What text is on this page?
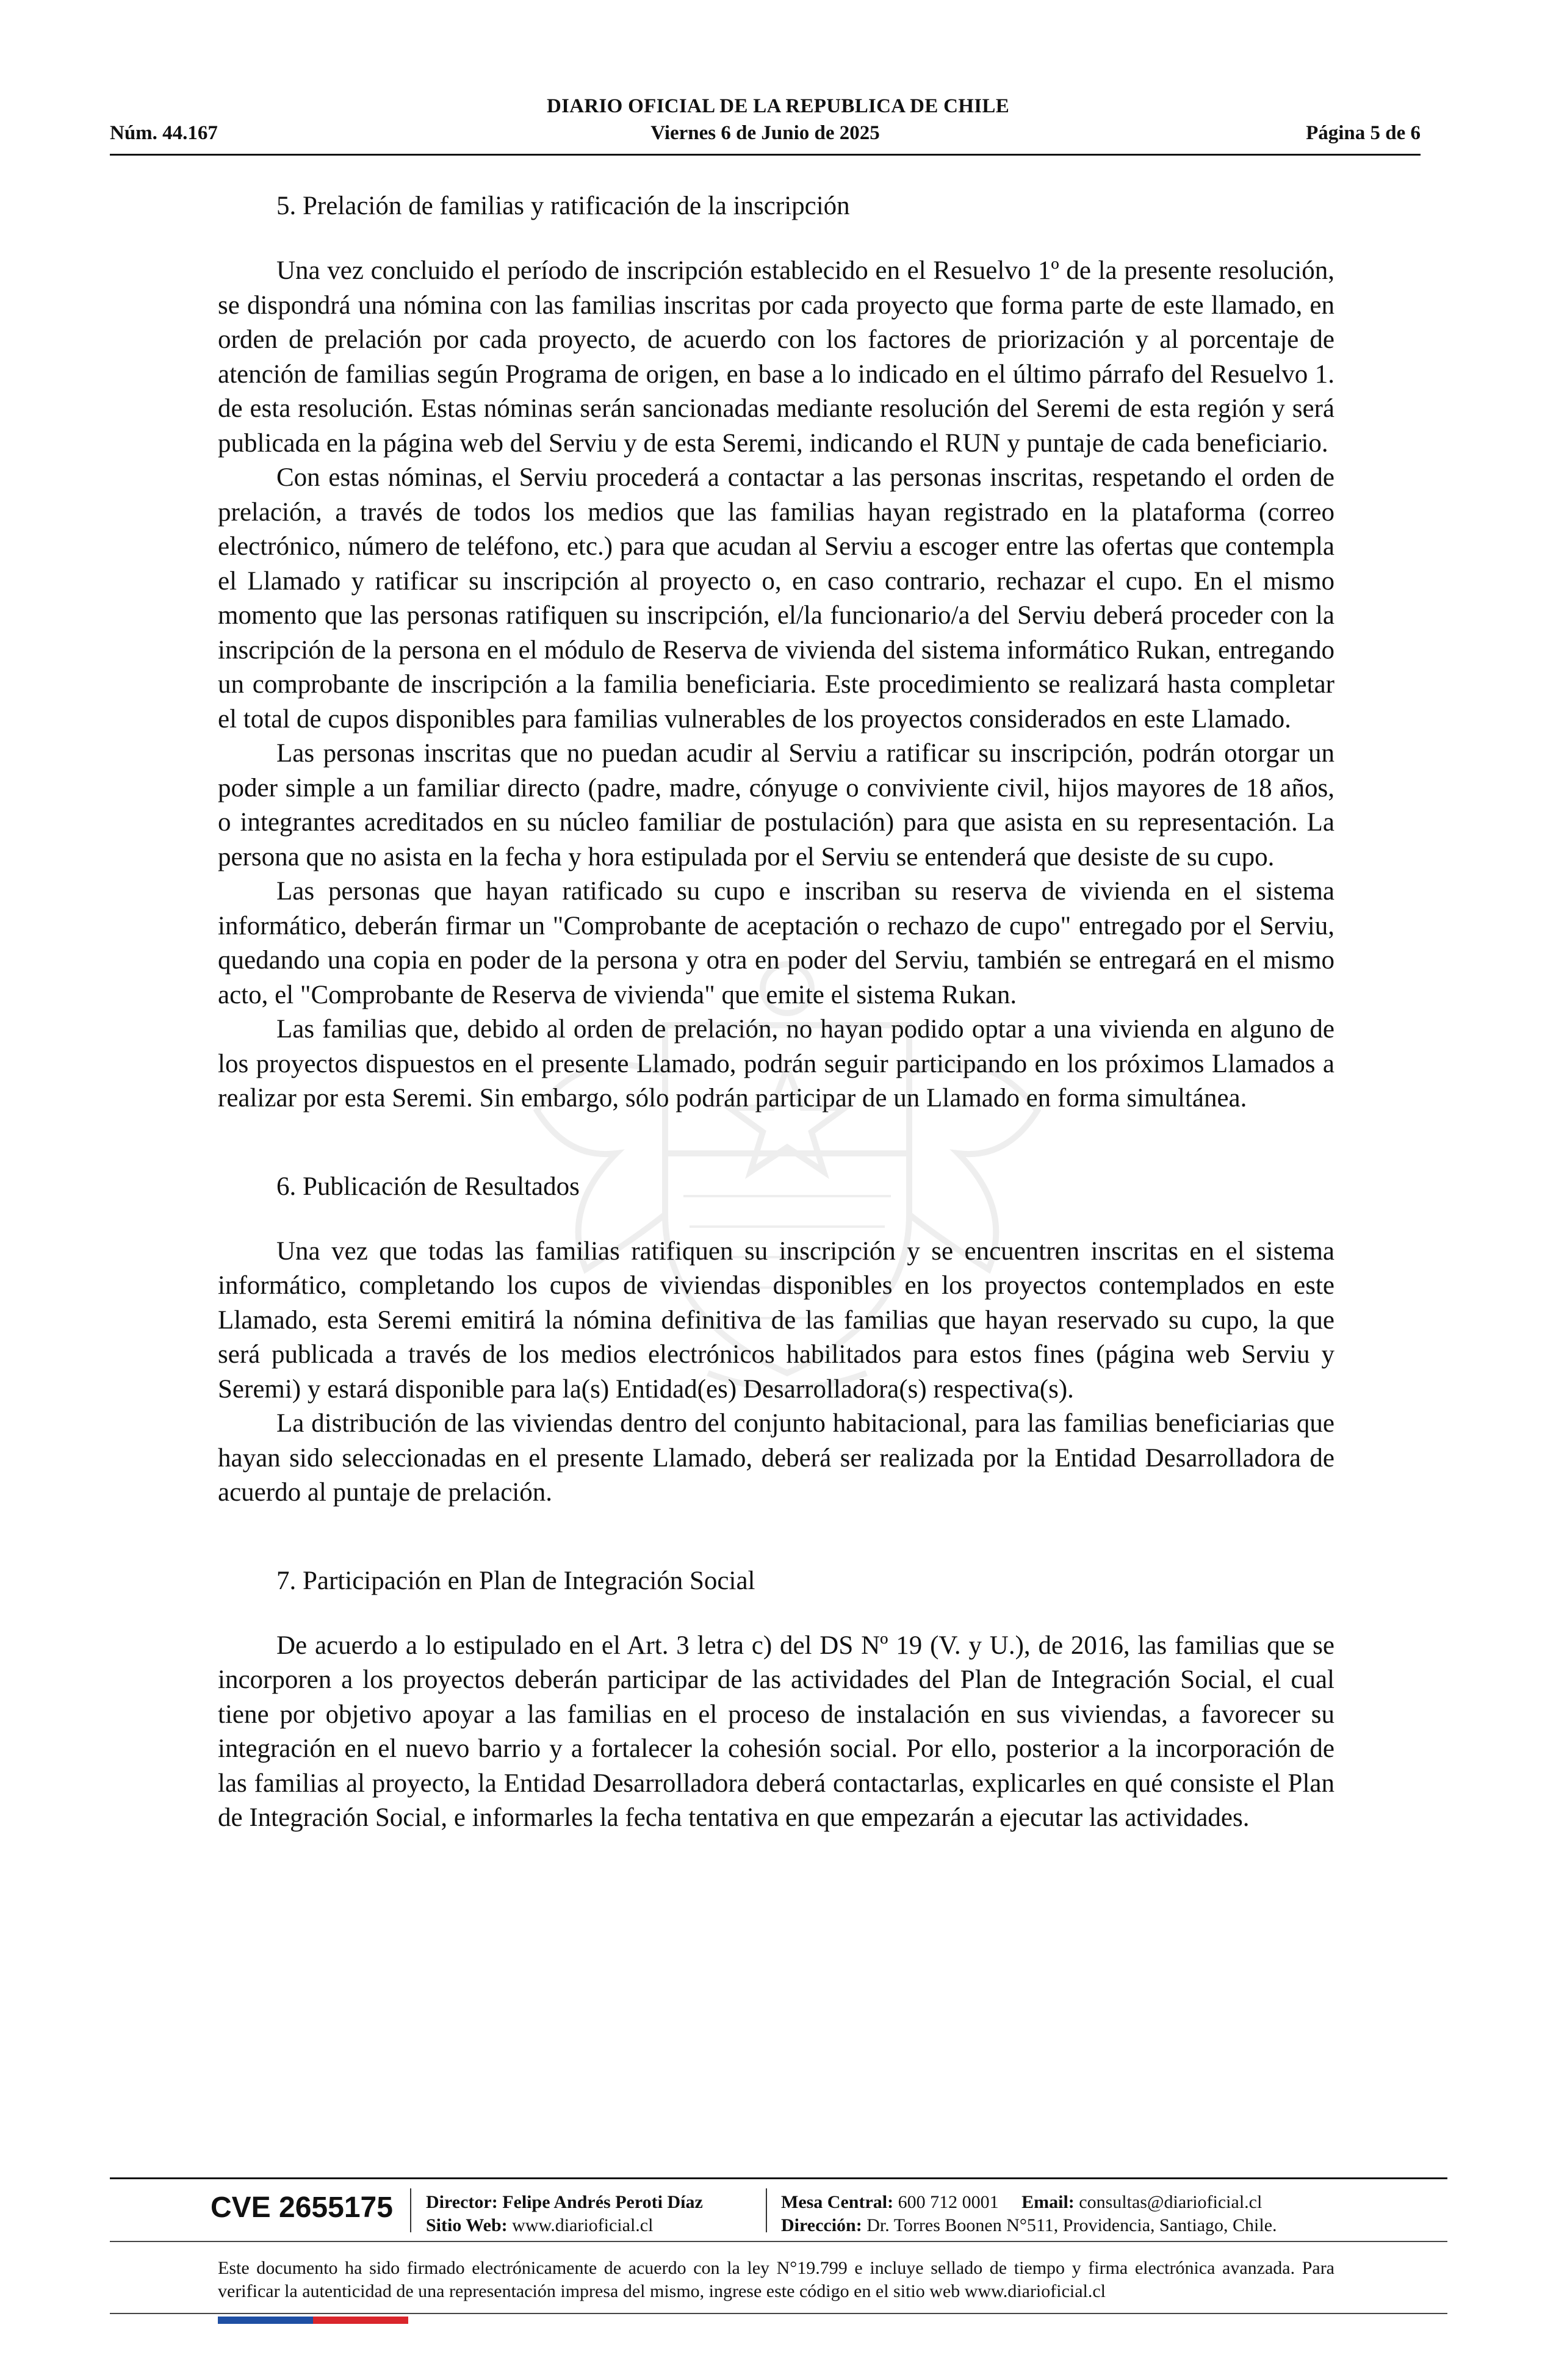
DIARIO OFICIAL DE LA REPUBLICA DE CHILE
Núm. 44.167	Viernes 6 de Junio de 2025	Página 5 de 6
5. Prelación de familias y ratificación de la inscripción

Una vez concluido el período de inscripción establecido en el Resuelvo 1º de la presente resolución, se dispondrá una nómina con las familias inscritas por cada proyecto que forma parte de este llamado, en orden de prelación por cada proyecto, de acuerdo con los factores de priorización y al porcentaje de atención de familias según Programa de origen, en base a lo indicado en el último párrafo del Resuelvo 1. de esta resolución. Estas nóminas serán sancionadas mediante resolución del Seremi de esta región y será publicada en la página web del Serviu y de esta Seremi, indicando el RUN y puntaje de cada beneficiario.

Con estas nóminas, el Serviu procederá a contactar a las personas inscritas, respetando el orden de prelación, a través de todos los medios que las familias hayan registrado en la plataforma (correo electrónico, número de teléfono, etc.) para que acudan al Serviu a escoger entre las ofertas que contempla el Llamado y ratificar su inscripción al proyecto o, en caso contrario, rechazar el cupo. En el mismo momento que las personas ratifiquen su inscripción, el/la funcionario/a del Serviu deberá proceder con la inscripción de la persona en el módulo de Reserva de vivienda del sistema informático Rukan, entregando un comprobante de inscripción a la familia beneficiaria. Este procedimiento se realizará hasta completar el total de cupos disponibles para familias vulnerables de los proyectos considerados en este Llamado.

Las personas inscritas que no puedan acudir al Serviu a ratificar su inscripción, podrán otorgar un poder simple a un familiar directo (padre, madre, cónyuge o conviviente civil, hijos mayores de 18 años, o integrantes acreditados en su núcleo familiar de postulación) para que asista en su representación. La persona que no asista en la fecha y hora estipulada por el Serviu se entenderá que desiste de su cupo.

Las personas que hayan ratificado su cupo e inscriban su reserva de vivienda en el sistema informático, deberán firmar un "Comprobante de aceptación o rechazo de cupo" entregado por el Serviu, quedando una copia en poder de la persona y otra en poder del Serviu, también se entregará en el mismo acto, el "Comprobante de Reserva de vivienda" que emite el sistema Rukan.

Las familias que, debido al orden de prelación, no hayan podido optar a una vivienda en alguno de los proyectos dispuestos en el presente Llamado, podrán seguir participando en los próximos Llamados a realizar por esta Seremi. Sin embargo, sólo podrán participar de un Llamado en forma simultánea.

6. Publicación de Resultados

Una vez que todas las familias ratifiquen su inscripción y se encuentren inscritas en el sistema informático, completando los cupos de viviendas disponibles en los proyectos contemplados en este Llamado, esta Seremi emitirá la nómina definitiva de las familias que hayan reservado su cupo, la que será publicada a través de los medios electrónicos habilitados para estos fines (página web Serviu y Seremi) y estará disponible para la(s) Entidad(es) Desarrolladora(s) respectiva(s).

La distribución de las viviendas dentro del conjunto habitacional, para las familias beneficiarias que hayan sido seleccionadas en el presente Llamado, deberá ser realizada por la Entidad Desarrolladora de acuerdo al puntaje de prelación.

7. Participación en Plan de Integración Social

De acuerdo a lo estipulado en el Art. 3 letra c) del DS Nº 19 (V. y U.), de 2016, las familias que se incorporen a los proyectos deberán participar de las actividades del Plan de Integración Social, el cual tiene por objetivo apoyar a las familias en el proceso de instalación en sus viviendas, a favorecer su integración en el nuevo barrio y a fortalecer la cohesión social. Por ello, posterior a la incorporación de las familias al proyecto, la Entidad Desarrolladora deberá contactarlas, explicarles en qué consiste el Plan de Integración Social, e informarles la fecha tentativa en que empezarán a ejecutar las actividades.

CVE 2655175 Director: Felipe Andrés Peroti Díaz
Sitio Web: www.diarioficial.cl
Mesa Central: 600 712 0001 Email: consultas@diarioficial.cl
Dirección: Dr. Torres Boonen N°511, Providencia, Santiago, Chile.
Este documento ha sido firmado electrónicamente de acuerdo con la ley N°19.799 e incluye sellado de tiempo y firma electrónica avanzada. Para verificar la autenticidad de una representación impresa del mismo, ingrese este código en el sitio web www.diarioficial.cl
